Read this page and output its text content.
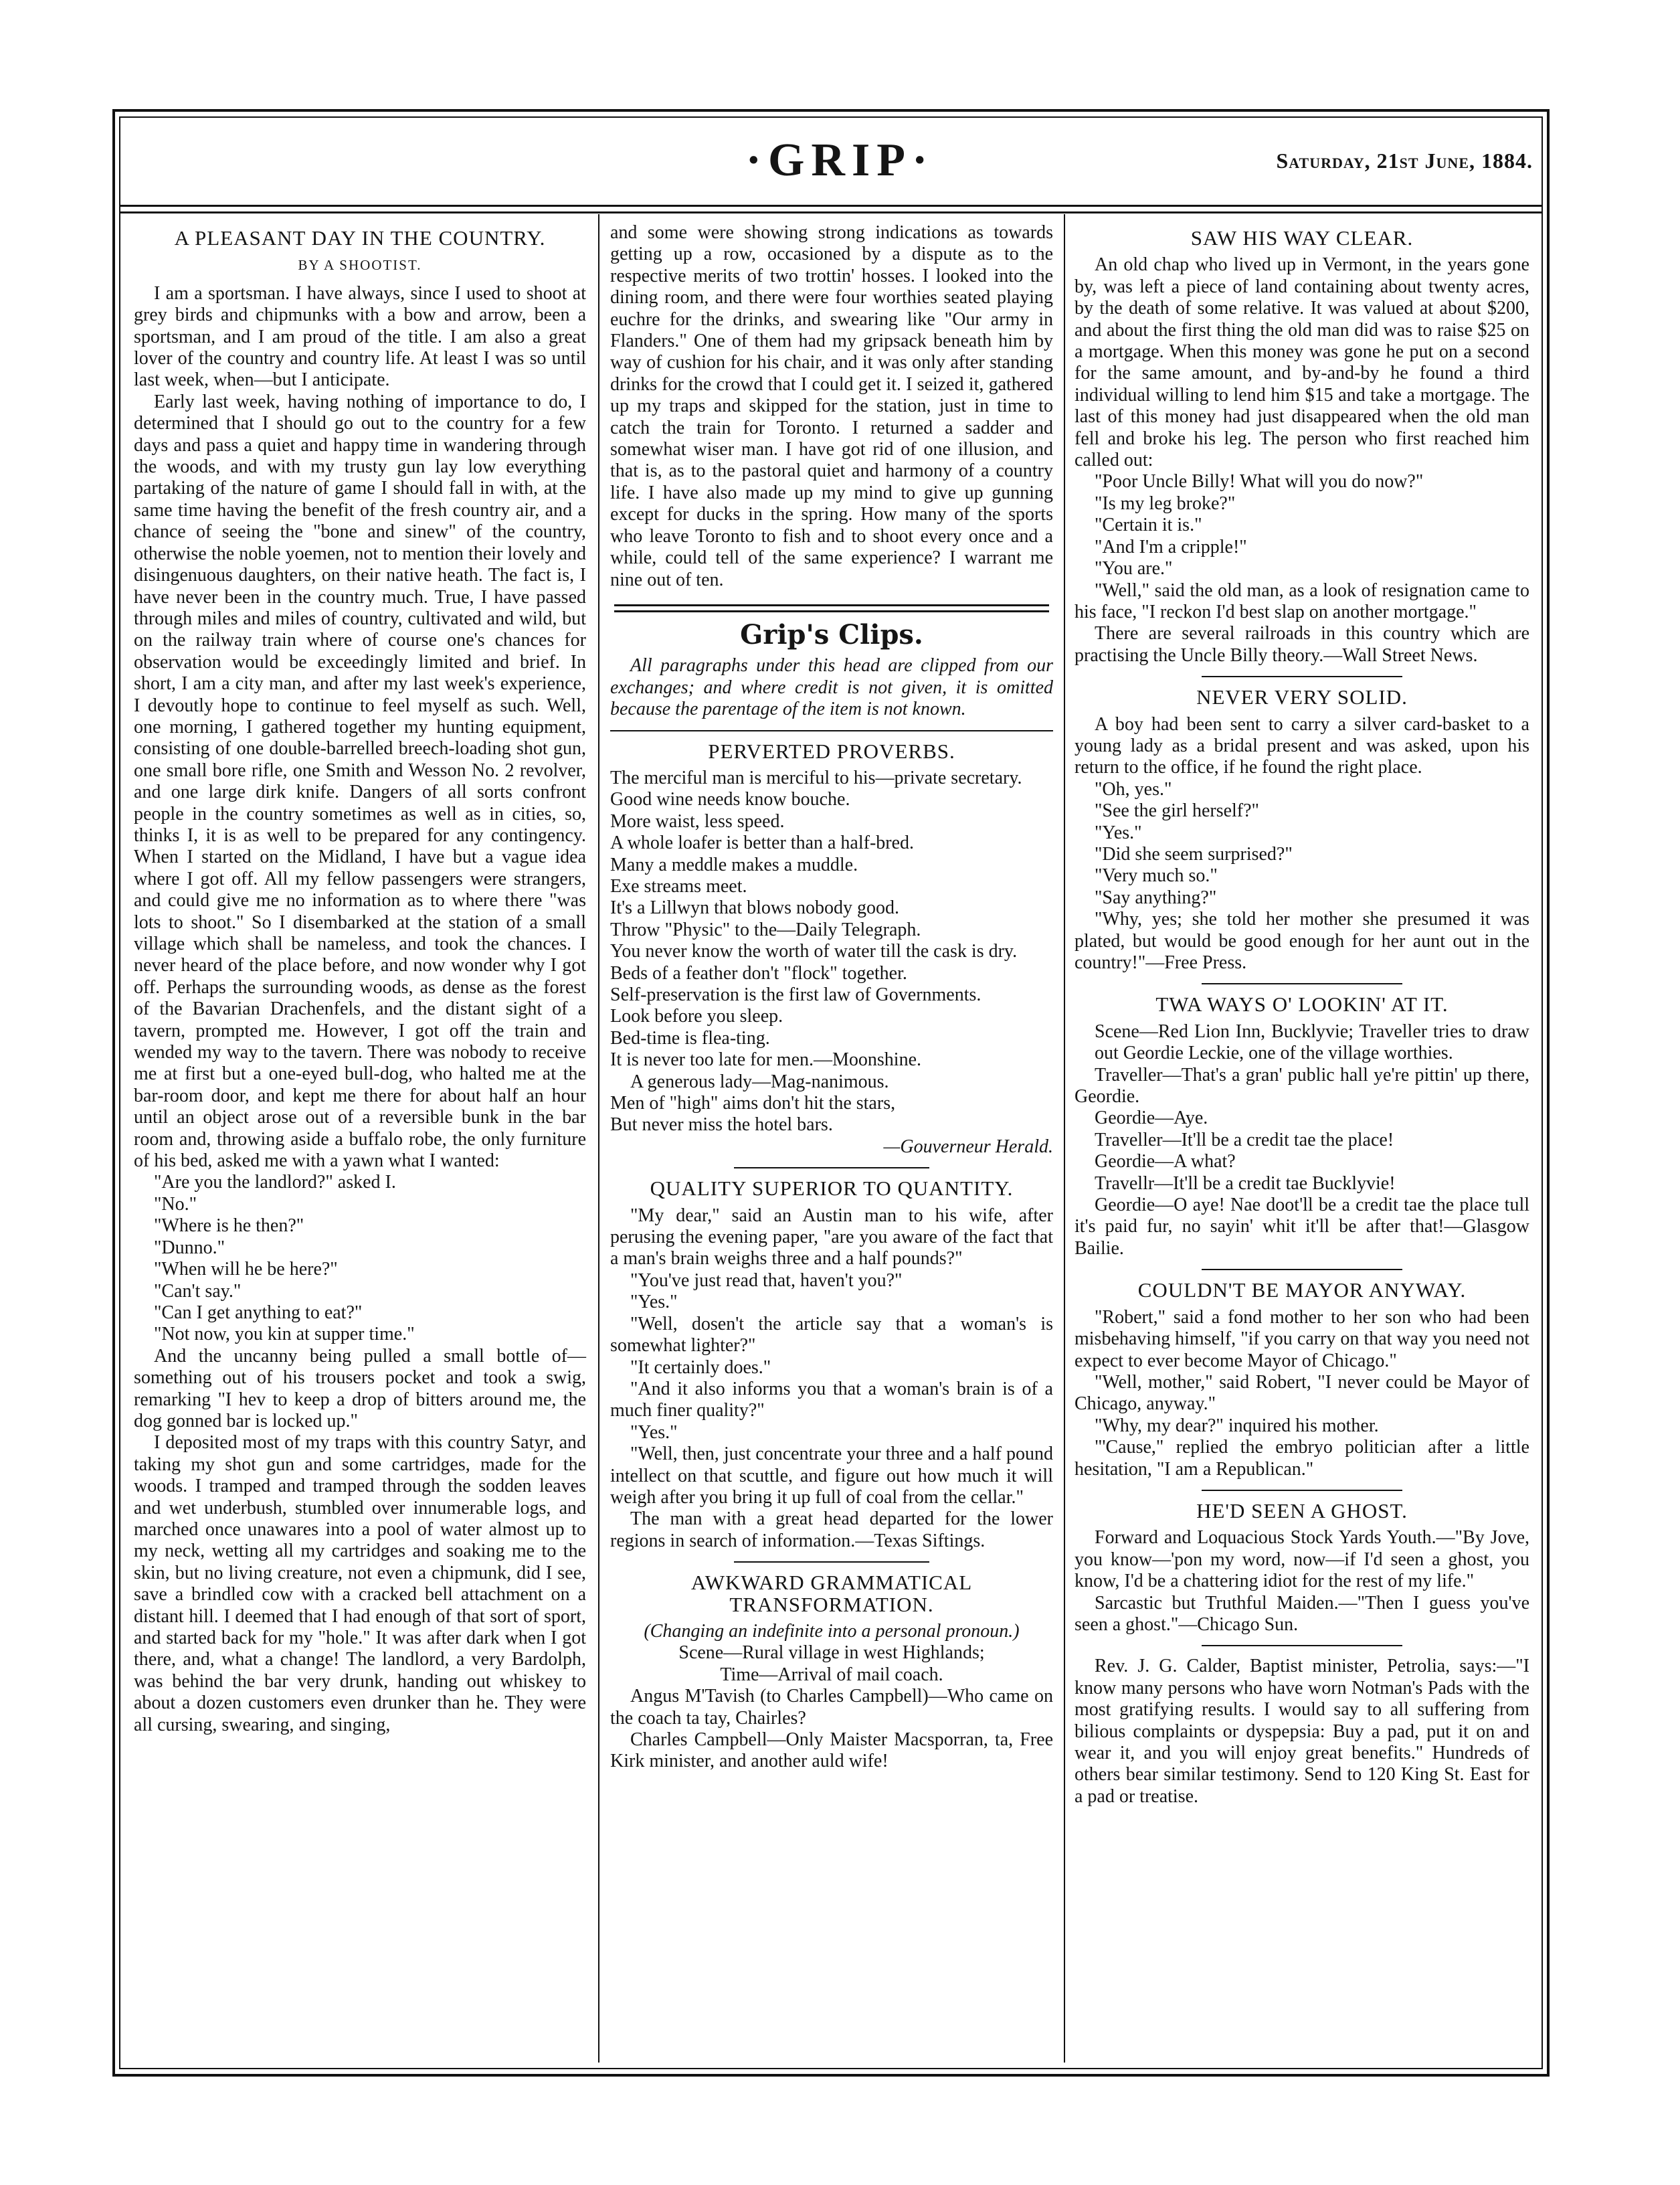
·GRIP·	Saturday, 21st June, 1884.
A PLEASANT DAY IN THE COUNTRY.
BY A SHOOTIST.

I am a sportsman. I have always, since I used to shoot at grey birds and chipmunks with a bow and arrow, been a sportsman, and I am proud of the title. I am also a great lover of the country and country life. At least I was so until last week, when—but I anticipate.

Early last week, having nothing of importance to do, I determined that I should go out to the country for a few days and pass a quiet and happy time in wandering through the woods, and with my trusty gun lay low everything partaking of the nature of game I should fall in with, at the same time having the benefit of the fresh country air, and a chance of seeing the "bone and sinew" of the country, otherwise the noble yoemen, not to mention their lovely and disingenuous daughters, on their native heath. The fact is, I have never been in the country much. True, I have passed through miles and miles of country, cultivated and wild, but on the railway train where of course one's chances for observation would be exceedingly limited and brief. In short, I am a city man, and after my last week's experience, I devoutly hope to continue to feel myself as such. Well, one morning, I gathered together my hunting equipment, consisting of one double-barrelled breech-loading shot gun, one small bore rifle, one Smith and Wesson No. 2 revolver, and one large dirk knife. Dangers of all sorts confront people in the country sometimes as well as in cities, so, thinks I, it is as well to be prepared for any contingency. When I started on the Midland, I have but a vague idea where I got off. All my fellow passengers were strangers, and could give me no information as to where there "was lots to shoot." So I disembarked at the station of a small village which shall be nameless, and took the chances. I never heard of the place before, and now wonder why I got off. Perhaps the surrounding woods, as dense as the forest of the Bavarian Drachenfels, and the distant sight of a tavern, prompted me. However, I got off the train and wended my way to the tavern. There was nobody to receive me at first but a one-eyed bull-dog, who halted me at the bar-room door, and kept me there for about half an hour until an object arose out of a reversible bunk in the bar room and, throwing aside a buffalo robe, the only furniture of his bed, asked me with a yawn what I wanted:

"Are you the landlord?" asked I.

"No."

"Where is he then?"

"Dunno."

"When will he be here?"

"Can't say."

"Can I get anything to eat?"

"Not now, you kin at supper time."

And the uncanny being pulled a small bottle of—something out of his trousers pocket and took a swig, remarking "I hev to keep a drop of bitters around me, the dog gonned bar is locked up."

I deposited most of my traps with this country Satyr, and taking my shot gun and some cartridges, made for the woods. I tramped and tramped through the sodden leaves and wet underbush, stumbled over innumerable logs, and marched once unawares into a pool of water almost up to my neck, wetting all my cartridges and soaking me to the skin, but no living creature, not even a chipmunk, did I see, save a brindled cow with a cracked bell attachment on a distant hill. I deemed that I had enough of that sort of sport, and started back for my "hole." It was after dark when I got there, and, what a change! The landlord, a very Bardolph, was behind the bar very drunk, handing out whiskey to about a dozen customers even drunker than he. They were all cursing, swearing, and singing,

and some were showing strong indications as towards getting up a row, occasioned by a dispute as to the respective merits of two trottin' hosses. I looked into the dining room, and there were four worthies seated playing euchre for the drinks, and swearing like "Our army in Flanders." One of them had my gripsack beneath him by way of cushion for his chair, and it was only after standing drinks for the crowd that I could get it. I seized it, gathered up my traps and skipped for the station, just in time to catch the train for Toronto. I returned a sadder and somewhat wiser man. I have got rid of one illusion, and that is, as to the pastoral quiet and harmony of a country life. I have also made up my mind to give up gunning except for ducks in the spring. How many of the sports who leave Toronto to fish and to shoot every once and a while, could tell of the same experience? I warrant me nine out of ten.

Grip's Clips.

All paragraphs under this head are clipped from our exchanges; and where credit is not given, it is omitted because the parentage of the item is not known.

PERVERTED PROVERBS.

The merciful man is merciful to his—private secretary.

Good wine needs know bouche.

More waist, less speed.

A whole loafer is better than a half-bred.

Many a meddle makes a muddle.

Exe streams meet.

It's a Lillwyn that blows nobody good.

Throw "Physic" to the—Daily Telegraph.

You never know the worth of water till the cask is dry.

Beds of a feather don't "flock" together.

Self-preservation is the first law of Governments.

Look before you sleep.

Bed-time is flea-ting.

It is never too late for men.—Moonshine.

A generous lady—Mag-nanimous.

Men of "high" aims don't hit the stars,

But never miss the hotel bars.

—Gouverneur Herald.

QUALITY SUPERIOR TO QUANTITY.

"My dear," said an Austin man to his wife, after perusing the evening paper, "are you aware of the fact that a man's brain weighs three and a half pounds?"

"You've just read that, haven't you?"

"Yes."

"Well, dosen't the article say that a woman's is somewhat lighter?"

"It certainly does."

"And it also informs you that a woman's brain is of a much finer quality?"

"Yes."

"Well, then, just concentrate your three and a half pound intellect on that scuttle, and figure out how much it will weigh after you bring it up full of coal from the cellar."

The man with a great head departed for the lower regions in search of information.—Texas Siftings.

AWKWARD GRAMMATICAL TRANSFORMATION.

(Changing an indefinite into a personal pronoun.)

Scene—Rural village in west Highlands;

Time—Arrival of mail coach.

Angus M'Tavish (to Charles Campbell)—Who came on the coach ta tay, Chairles?

Charles Campbell—Only Maister Macsporran, ta, Free Kirk minister, and another auld wife!

SAW HIS WAY CLEAR.

An old chap who lived up in Vermont, in the years gone by, was left a piece of land containing about twenty acres, by the death of some relative. It was valued at about $200, and about the first thing the old man did was to raise $25 on a mortgage. When this money was gone he put on a second for the same amount, and by-and-by he found a third individual willing to lend him $15 and take a mortgage. The last of this money had just disappeared when the old man fell and broke his leg. The person who first reached him called out:

"Poor Uncle Billy! What will you do now?"

"Is my leg broke?"

"Certain it is."

"And I'm a cripple!"

"You are."

"Well," said the old man, as a look of resignation came to his face, "I reckon I'd best slap on another mortgage."

There are several railroads in this country which are practising the Uncle Billy theory.—Wall Street News.

NEVER VERY SOLID.

A boy had been sent to carry a silver card-basket to a young lady as a bridal present and was asked, upon his return to the office, if he found the right place.

"Oh, yes."

"See the girl herself?"

"Yes."

"Did she seem surprised?"

"Very much so."

"Say anything?"

"Why, yes; she told her mother she presumed it was plated, but would be good enough for her aunt out in the country!"—Free Press.

TWA WAYS O' LOOKIN' AT IT.

Scene—Red Lion Inn, Bucklyvie; Traveller tries to draw out Geordie Leckie, one of the village worthies.

Traveller—That's a gran' public hall ye're pittin' up there, Geordie.

Geordie—Aye.

Traveller—It'll be a credit tae the place!

Geordie—A what?

Travellr—It'll be a credit tae Bucklyvie!

Geordie—O aye! Nae doot'll be a credit tae the place tull it's paid fur, no sayin' whit it'll be after that!—Glasgow Bailie.

COULDN'T BE MAYOR ANYWAY.

"Robert," said a fond mother to her son who had been misbehaving himself, "if you carry on that way you need not expect to ever become Mayor of Chicago."

"Well, mother," said Robert, "I never could be Mayor of Chicago, anyway."

"Why, my dear?" inquired his mother.

"'Cause," replied the embryo politician after a little hesitation, "I am a Republican."

HE'D SEEN A GHOST.

Forward and Loquacious Stock Yards Youth.—"By Jove, you know—'pon my word, now—if I'd seen a ghost, you know, I'd be a chattering idiot for the rest of my life."

Sarcastic but Truthful Maiden.—"Then I guess you've seen a ghost."—Chicago Sun.

Rev. J. G. Calder, Baptist minister, Petrolia, says:—"I know many persons who have worn Notman's Pads with the most gratifying results. I would say to all suffering from bilious complaints or dyspepsia: Buy a pad, put it on and wear it, and you will enjoy great benefits." Hundreds of others bear similar testimony. Send to 120 King St. East for a pad or treatise.
